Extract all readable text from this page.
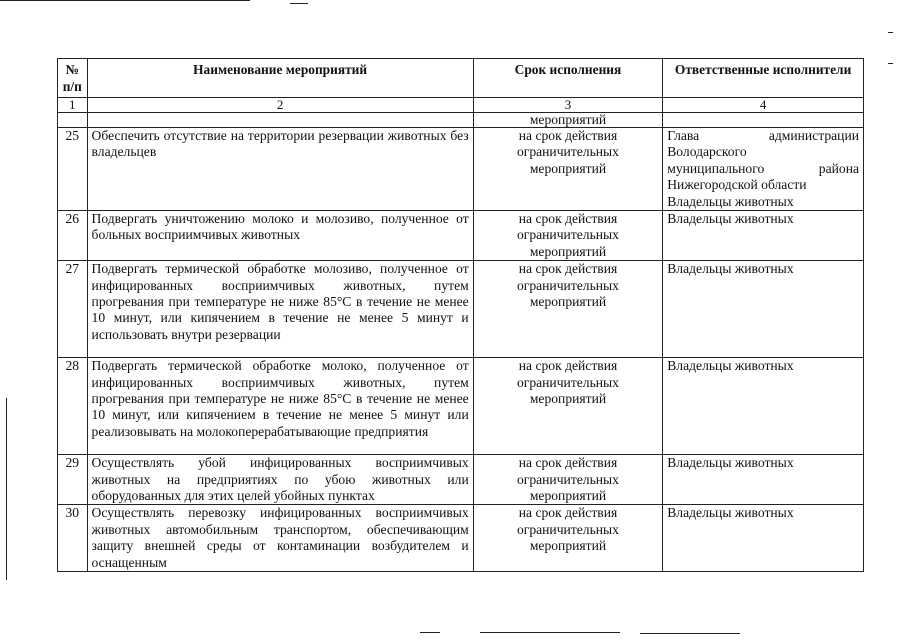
№ п/п	Наименование мероприятий	Срок исполнения	Ответственные исполнители
1	2	3	4
		мероприятий	
25	Обеспечить отсутствие на территории резервации животных без владельцев	на срок действия ограничительных мероприятий	Глава администрации
Володарского
муниципального района
Нижегородской области
Владельцы животных

26	Подвергать уничтожению молоко и молозиво, полученное от больных восприимчивых животных	на срок действия ограничительных мероприятий	Владельцы животных
27	Подвергать термической обработке молозиво, полученное от инфицированных восприимчивых животных, путем прогревания при температуре не ниже 85°С в течение не менее 10 минут, или кипячением в течение не менее 5 минут и использовать внутри резервации	на срок действия ограничительных мероприятий	Владельцы животных
28	Подвергать термической обработке молоко, полученное от инфицированных восприимчивых животных, путем прогревания при температуре не ниже 85°С в течение не менее 10 минут, или кипячением в течение не менее 5 минут или реализовывать на молокоперерабатывающие предприятия	на срок действия ограничительных мероприятий	Владельцы животных
29	Осуществлять убой инфицированных восприимчивых животных на предприятиях по убою животных или оборудованных для этих целей убойных пунктах	на срок действия ограничительных мероприятий	Владельцы животных
30	Осуществлять перевозку инфицированных восприимчивых животных автомобильным транспортом, обеспечивающим защиту внешней среды от контаминации возбудителем и оснащенным	на срок действия ограничительных мероприятий	Владельцы животных
